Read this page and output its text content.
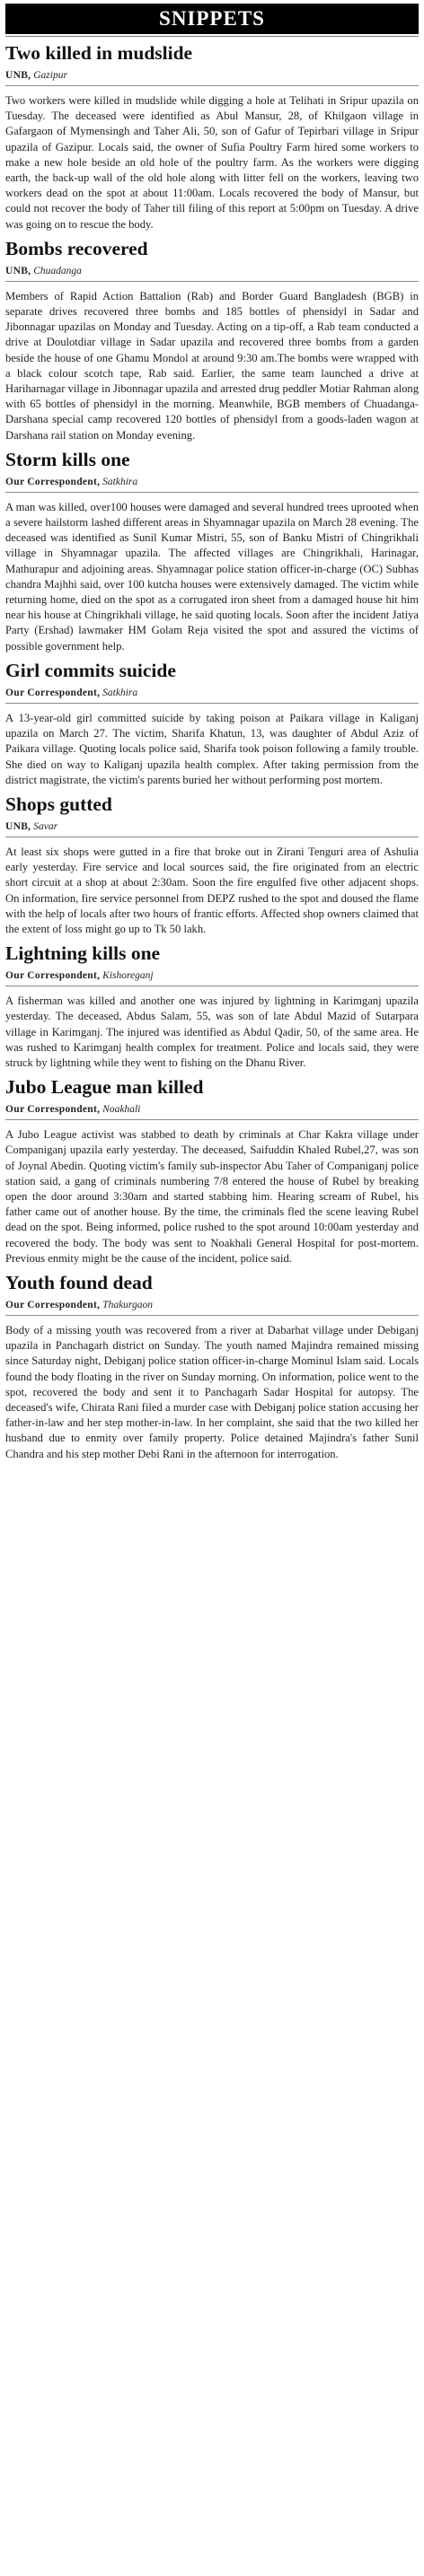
SNIPPETS
Two killed in mudslide
UNB, Gazipur

Two workers were killed in mudslide while digging a hole at Telihati in Sripur upazila on Tuesday. The deceased were identified as Abul Mansur, 28, of Khilgaon village in Gafargaon of Mymensingh and Taher Ali, 50, son of Gafur of Tepirbari village in Sripur upazila of Gazipur. Locals said, the owner of Sufia Poultry Farm hired some workers to make a new hole beside an old hole of the poultry farm. As the workers were digging earth, the back-up wall of the old hole along with litter fell on the workers, leaving two workers dead on the spot at about 11:00am. Locals recovered the body of Mansur, but could not recover the body of Taher till filing of this report at 5:00pm on Tuesday. A drive was going on to rescue the body.

Bombs recovered
UNB, Chuadanga

Members of Rapid Action Battalion (Rab) and Border Guard Bangladesh (BGB) in separate drives recovered three bombs and 185 bottles of phensidyl in Sadar and Jibonnagar upazilas on Monday and Tuesday. Acting on a tip-off, a Rab team conducted a drive at Doulotdiar village in Sadar upazila and recovered three bombs from a garden beside the house of one Ghamu Mondol at around 9:30 am.The bombs were wrapped with a black colour scotch tape, Rab said. Earlier, the same team launched a drive at Hariharnagar village in Jibonnagar upazila and arrested drug peddler Motiar Rahman along with 65 bottles of phensidyl in the morning. Meanwhile, BGB members of Chuadanga-Darshana special camp recovered 120 bottles of phensidyl from a goods-laden wagon at Darshana rail station on Monday evening.

Storm kills one
Our Correspondent, Satkhira

A man was killed, over100 houses were damaged and several hundred trees uprooted when a severe hailstorm lashed different areas in Shyamnagar upazila on March 28 evening. The deceased was identified as Sunil Kumar Mistri, 55, son of Banku Mistri of Chingrikhali village in Shyamnagar upazila. The affected villages are Chingrikhali, Harinagar, Mathurapur and adjoining areas. Shyamnagar police station officer-in-charge (OC) Subhas chandra Majhhi said, over 100 kutcha houses were extensively damaged. The victim while returning home, died on the spot as a corrugated iron sheet from a damaged house hit him near his house at Chingrikhali village, he said quoting locals. Soon after the incident Jatiya Party (Ershad) lawmaker HM Golam Reja visited the spot and assured the victims of possible government help.

Girl commits suicide
Our Correspondent, Satkhira

A 13-year-old girl committed suicide by taking poison at Paikara village in Kaliganj upazila on March 27. The victim, Sharifa Khatun, 13, was daughter of Abdul Aziz of Paikara village. Quoting locals police said, Sharifa took poison following a family trouble. She died on way to Kaliganj upazila health complex. After taking permission from the district magistrate, the victim's parents buried her without performing post mortem.

Shops gutted
UNB, Savar

At least six shops were gutted in a fire that broke out in Zirani Tenguri area of Ashulia early yesterday. Fire service and local sources said, the fire originated from an electric short circuit at a shop at about 2:30am. Soon the fire engulfed five other adjacent shops. On information, fire service personnel from DEPZ rushed to the spot and doused the flame with the help of locals after two hours of frantic efforts. Affected shop owners claimed that the extent of loss might go up to Tk 50 lakh.

Lightning kills one
Our Correspondent, Kishoreganj

A fisherman was killed and another one was injured by lightning in Karimganj upazila yesterday. The deceased, Abdus Salam, 55, was son of late Abdul Mazid of Sutarpara village in Karimganj. The injured was identified as Abdul Qadir, 50, of the same area. He was rushed to Karimganj health complex for treatment. Police and locals said, they were struck by lightning while they went to fishing on the Dhanu River.

Jubo League man killed
Our Correspondent, Noakhali

A Jubo League activist was stabbed to death by criminals at Char Kakra village under Companiganj upazila early yesterday. The deceased, Saifuddin Khaled Rubel,27, was son of Joynal Abedin. Quoting victim's family sub-inspector Abu Taher of Companiganj police station said, a gang of criminals numbering 7/8 entered the house of Rubel by breaking open the door around 3:30am and started stabbing him. Hearing scream of Rubel, his father came out of another house. By the time, the criminals fled the scene leaving Rubel dead on the spot. Being informed, police rushed to the spot around 10:00am yesterday and recovered the body. The body was sent to Noakhali General Hospital for post-mortem. Previous enmity might be the cause of the incident, police said.

Youth found dead
Our Correspondent, Thakurgaon

Body of a missing youth was recovered from a river at Dabarhat village under Debiganj upazila in Panchagarh district on Sunday. The youth named Majindra remained missing since Saturday night, Debiganj police station officer-in-charge Mominul Islam said. Locals found the body floating in the river on Sunday morning. On information, police went to the spot, recovered the body and sent it to Panchagarh Sadar Hospital for autopsy. The deceased's wife, Chirata Rani filed a murder case with Debiganj police station accusing her father-in-law and her step mother-in-law. In her complaint, she said that the two killed her husband due to enmity over family property. Police detained Majindra's father Sunil Chandra and his step mother Debi Rani in the afternoon for interrogation.
